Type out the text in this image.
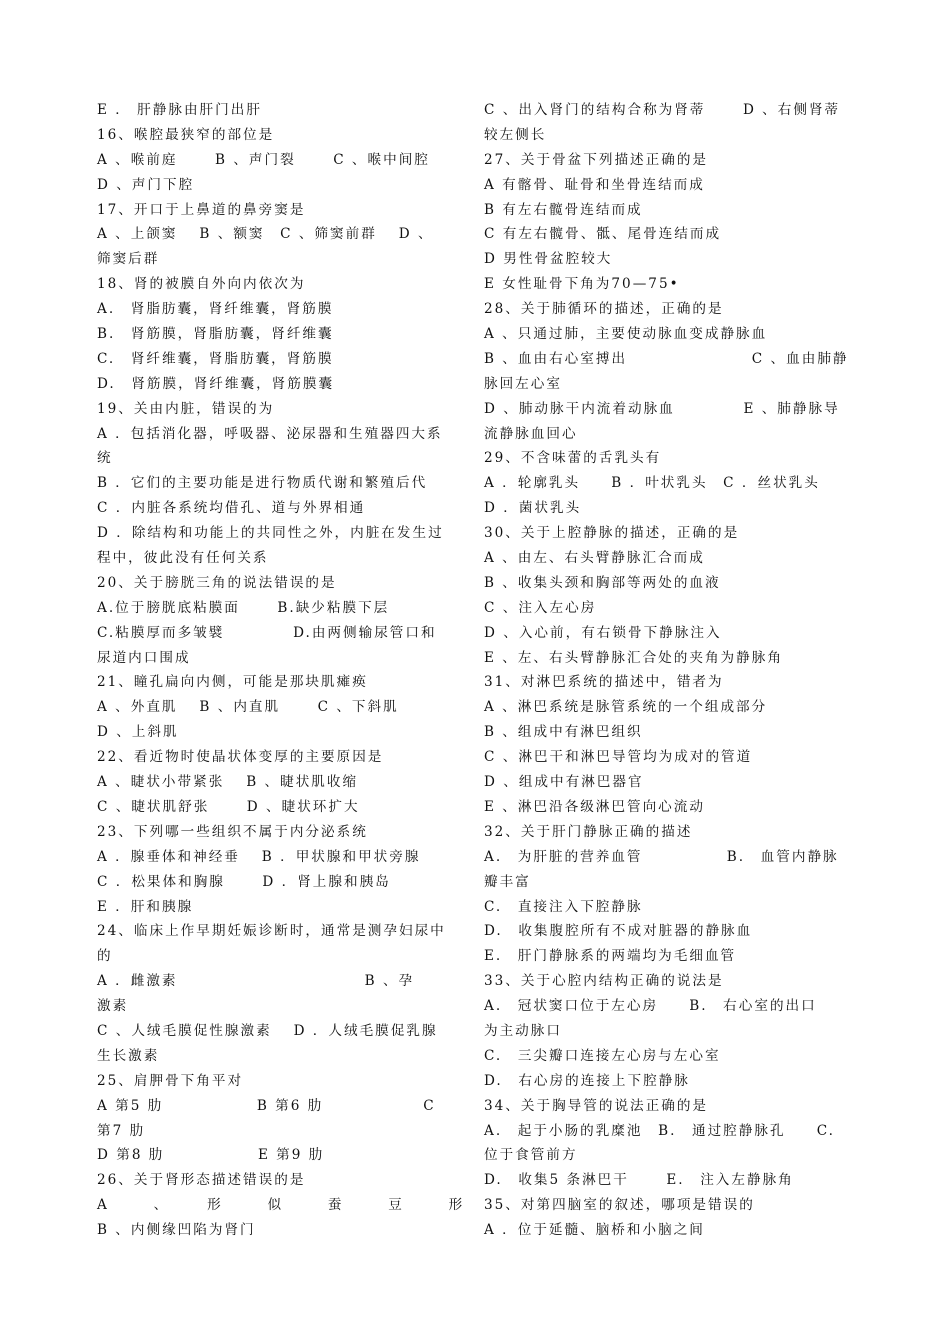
E ． 肝静脉由肝门出肝
16、喉腔最狭窄的部位是
A 、喉前庭　　 B 、声门裂　　 C 、喉中间腔
D 、声门下腔
17、开口于上鼻道的鼻旁窦是
A 、上颌窦　 B 、额窦　C 、筛窦前群　 D 、
筛窦后群
18、肾的被膜自外向内依次为
A.　肾脂肪囊，肾纤维囊，肾筋膜
B.　肾筋膜，肾脂肪囊，肾纤维囊
C.　肾纤维囊，肾脂肪囊，肾筋膜
D.　肾筋膜，肾纤维囊，肾筋膜囊
19、关由内脏，错误的为
A ．包括消化器，呼吸器、泌尿器和生殖器四大系
统
B ．它们的主要功能是进行物质代谢和繁殖后代
C ．内脏各系统均借孔、道与外界相通
D ．除结构和功能上的共同性之外，内脏在发生过
程中，彼此没有任何关系
20、关于膀胱三角的说法错误的是
A.位于膀胱底粘膜面　　 B.缺少粘膜下层
C.粘膜厚而多皱襞　　　　 D.由两侧输尿管口和
尿道内口围成
21、瞳孔扁向内侧，可能是那块肌瘫痪
A 、外直肌　 B 、内直肌　　 C 、下斜肌
D 、上斜肌
22、看近物时使晶状体变厚的主要原因是
A 、睫状小带紧张　 B 、睫状肌收缩
C 、睫状肌舒张　　 D 、睫状环扩大
23、下列哪一些组织不属于内分泌系统
A ．腺垂体和神经垂　 B ．甲状腺和甲状旁腺
C ．松果体和胸腺　　 D ．肾上腺和胰岛
E ．肝和胰腺
24、临床上作早期妊娠诊断时，通常是测孕妇尿中
的
A ．雌激素　　　　　　　　　　　　B 、孕
激素
C 、人绒毛膜促性腺激素　 D ．人绒毛膜促乳腺
生长激素
25、肩胛骨下角平对
A 第5 肋　　　　　　B 第6 肋　　　　　　 C
第7 肋
D 第8 肋　　　　　　E 第9 肋
26、关于肾形态描述错误的是
A　　　、　　　形　　　似　　　蚕　　　豆　　　形
B 、内侧缘凹陷为肾门
C 、出入肾门的结构合称为肾蒂　　 D 、右侧肾蒂
较左侧长
27、关于骨盆下列描述正确的是
A 有髂骨、耻骨和坐骨连结而成
B 有左右髋骨连结而成
C 有左右髋骨、骶、尾骨连结而成
D 男性骨盆腔较大
E 女性耻骨下角为70—75•
28、关于肺循环的描述，正确的是
A 、只通过肺，主要使动脉血变成静脉血
B 、血由右心室搏出　　　　　　　　C 、血由肺静
脉回左心室
D 、肺动脉干内流着动脉血　　　　 E 、肺静脉导
流静脉血回心
29、不含味蕾的舌乳头有
A ．轮廓乳头　　B ．叶状乳头　C ．丝状乳头
D ．菌状乳头
30、关于上腔静脉的描述，正确的是
A 、由左、右头臂静脉汇合而成
B 、收集头颈和胸部等两处的血液
C 、注入左心房
D 、入心前，有右锁骨下静脉注入
E 、左、右头臂静脉汇合处的夹角为静脉角
31、对淋巴系统的描述中，错者为
A 、淋巴系统是脉管系统的一个组成部分
B 、组成中有淋巴组织
C 、淋巴干和淋巴导管均为成对的管道
D 、组成中有淋巴器官
E 、淋巴沿各级淋巴管向心流动
32、关于肝门静脉正确的描述
A.　为肝脏的营养血管　　　　　 B.　血管内静脉
瓣丰富
C.　直接注入下腔静脉
D.　收集腹腔所有不成对脏器的静脉血
E.　肝门静脉系的两端均为毛细血管
33、关于心腔内结构正确的说法是
A.　冠状窦口位于左心房　　B.　右心室的出口
为主动脉口
C.　三尖瓣口连接左心房与左心室
D.　右心房的连接上下腔静脉
34、关于胸导管的说法正确的是
A.　起于小肠的乳糜池　B.　通过腔静脉孔　　C.
位于食管前方
D.　收集5 条淋巴干　　 E.　注入左静脉角
35、对第四脑室的叙述，哪项是错误的
A ．位于延髓、脑桥和小脑之间
